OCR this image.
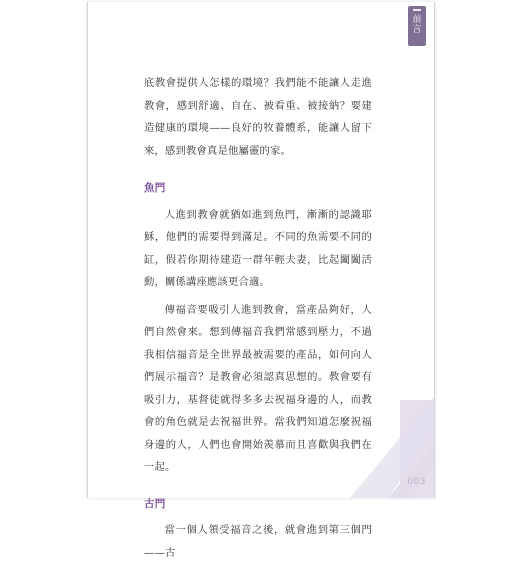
前
言

底教會提供人怎樣的環境？我們能不能讓人走進教會，感到舒適、自在、被看重、被接納？要建造健康的環境——良好的牧養體系，能讓人留下來，感到教會真是他屬靈的家。

魚門

人進到教會就猶如進到魚門，漸漸的認識耶穌，他們的需要得到滿足。不同的魚需要不同的缸，假若你期待建造一群年輕夫妻，比起闔闔活動，關係講座應該更合適。

傳福音要吸引人進到教會，當產品夠好，人們自然會來。想到傳福音我們常感到壓力，不過我相信福音是全世界最被需要的產品，如何向人們展示福音？是教會必須認真思想的。教會要有吸引力，基督徒就得多多去祝福身邊的人，而教會的角色就是去祝福世界。當我們知道怎麼祝福身邊的人，人們也會開始羨慕而且喜歡與我們在一起。

古門

當一個人領受福音之後，就會進到第三個門——古

003
